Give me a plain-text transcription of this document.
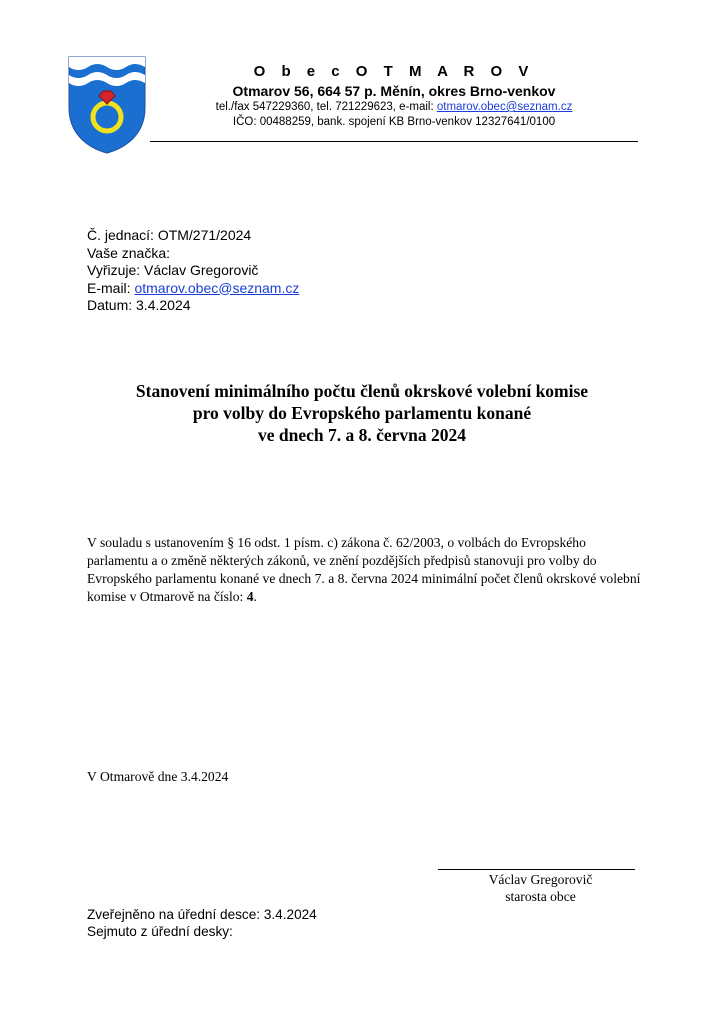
O b e c O T M A R O V
Otmarov 56, 664 57 p. Měnín, okres Brno-venkov
tel./fax 547229360, tel. 721229623, e-mail: otmarov.obec@seznam.cz
IČO: 00488259, bank. spojení KB Brno-venkov 12327641/0100
Č. jednací: OTM/271/2024
Vaše značka:
Vyřizuje: Václav Gregorovič
E-mail: otmarov.obec@seznam.cz
Datum: 3.4.2024
Stanovení minimálního počtu členů okrskové volební komise
pro volby do Evropského parlamentu konané
ve dnech 7. a 8. června 2024
V souladu s ustanovením § 16 odst. 1 písm. c) zákona č. 62/2003, o volbách do Evropského parlamentu a o změně některých zákonů, ve znění pozdějších předpisů stanovuji pro volby do Evropského parlamentu konané ve dnech 7. a 8. června 2024 minimální počet členů okrskové volební komise v Otmarově na číslo: 4.
V Otmarově dne 3.4.2024
Václav Gregorovič
starosta obce
Zveřejněno na úřední desce: 3.4.2024
Sejmuto z úřední desky:
